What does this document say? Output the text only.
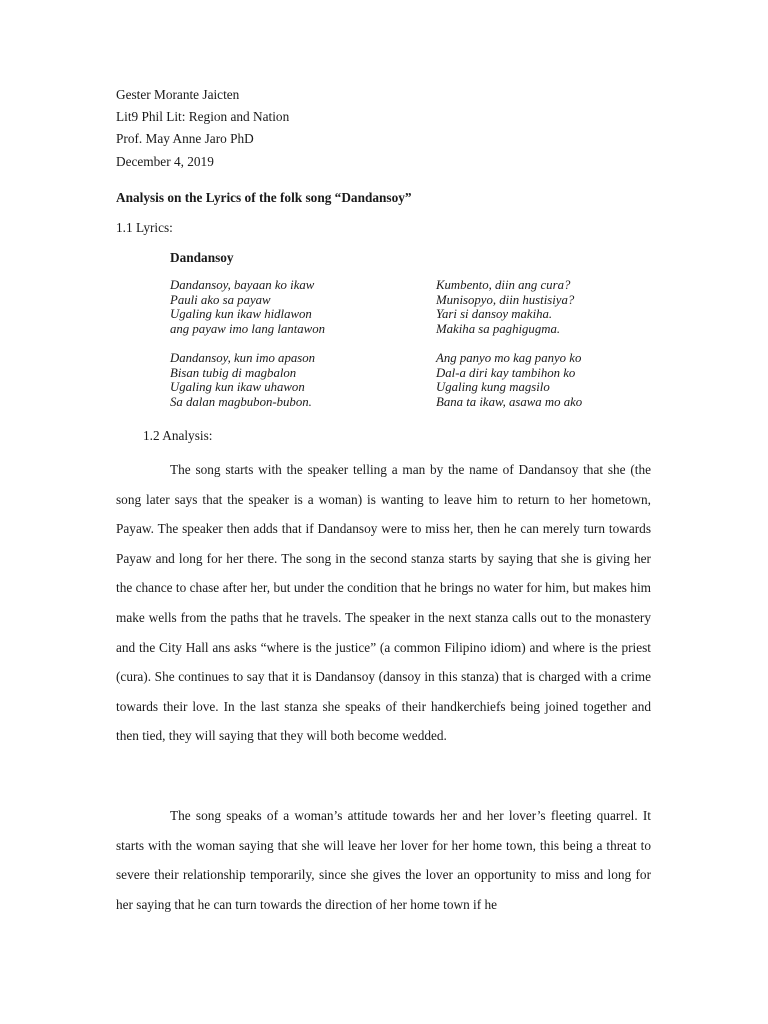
Gester Morante Jaicten
Lit9 Phil Lit: Region and Nation
Prof. May Anne Jaro PhD
December 4, 2019
Analysis on the Lyrics of the folk song “Dandansoy”
1.1 Lyrics:
Dandansoy
Dandansoy, bayaan ko ikaw
Pauli ako sa payaw
Ugaling kun ikaw hidlawon
ang payaw imo lang lantawon
Kumbento, diin ang cura?
Munisopyo, diin hustisiya?
Yari si dansoy makiha.
Makiha sa paghigugma.
Dandansoy, kun imo apason
Bisan tubig di magbalon
Ugaling kun ikaw uhawon
Sa dalan magbubon-bubon.
Ang panyo mo kag panyo ko
Dal-a diri kay tambihon ko
Ugaling kung magsilo
Bana ta ikaw, asawa mo ako
1.2 Analysis:

The song starts with the speaker telling a man by the name of Dandansoy that she (the song later says that the speaker is a woman) is wanting to leave him to return to her hometown, Payaw. The speaker then adds that if Dandansoy were to miss her, then he can merely turn towards Payaw and long for her there. The song in the second stanza starts by saying that she is giving her the chance to chase after her, but under the condition that he brings no water for him, but makes him make wells from the paths that he travels. The speaker in the next stanza calls out to the monastery and the City Hall ans asks “where is the justice” (a common Filipino idiom) and where is the priest (cura). She continues to say that it is Dandansoy (dansoy in this stanza) that is charged with a crime towards their love. In the last stanza she speaks of their handkerchiefs being joined together and then tied, they will saying that they will both become wedded.

The song speaks of a woman’s attitude towards her and her lover’s fleeting quarrel. It starts with the woman saying that she will leave her lover for her home town, this being a threat to severe their relationship temporarily, since she gives the lover an opportunity to miss and long for her saying that he can turn towards the direction of her home town if he
